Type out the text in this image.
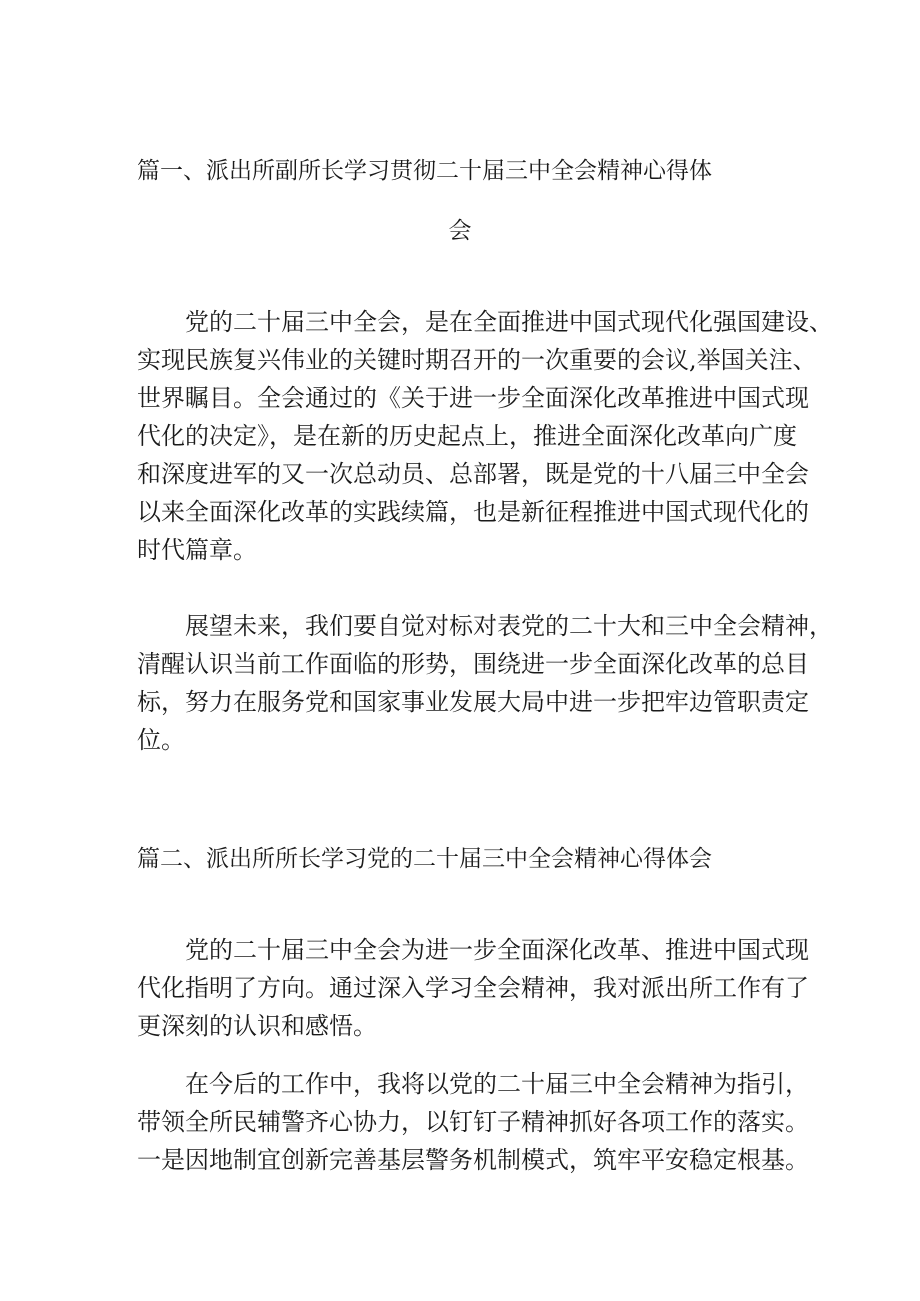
篇一、派出所副所长学习贯彻二十届三中全会精神心得体
会
党的二十届三中全会，是在全面推进中国式现代化强国建设、
实现民族复兴伟业的关键时期召开的一次重要的会议,举国关注、
世界瞩目。全会通过的《关于进一步全面深化改革推进中国式现
代化的决定》，是在新的历史起点上，推进全面深化改革向广度
和深度进军的又一次总动员、总部署，既是党的十八届三中全会
以来全面深化改革的实践续篇，也是新征程推进中国式现代化的
时代篇章。
展望未来，我们要自觉对标对表党的二十大和三中全会精神，
清醒认识当前工作面临的形势，围绕进一步全面深化改革的总目
标，努力在服务党和国家事业发展大局中进一步把牢边管职责定
位。
篇二、派出所所长学习党的二十届三中全会精神心得体会
党的二十届三中全会为进一步全面深化改革、推进中国式现
代化指明了方向。通过深入学习全会精神，我对派出所工作有了
更深刻的认识和感悟。
在今后的工作中，我将以党的二十届三中全会精神为指引，
带领全所民辅警齐心协力，以钉钉子精神抓好各项工作的落实。
一是因地制宜创新完善基层警务机制模式，筑牢平安稳定根基。
